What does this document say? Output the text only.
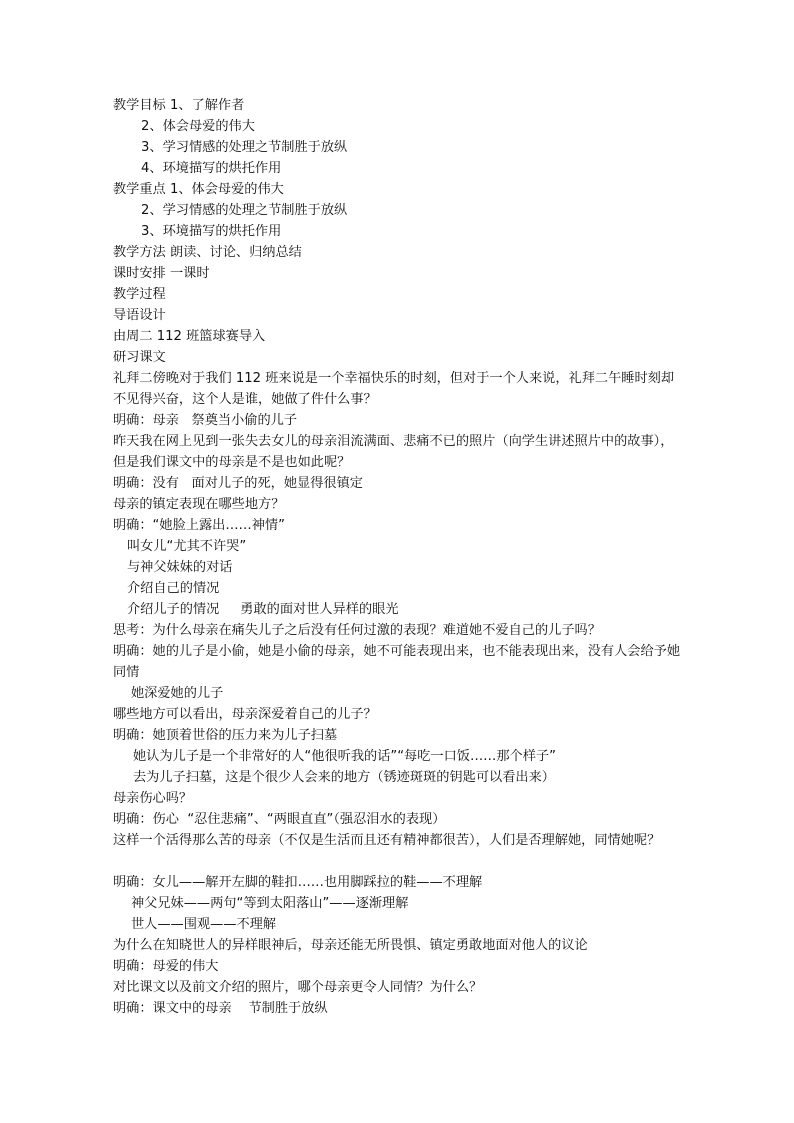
教学目标 1、了解作者
2、体会母爱的伟大
3、学习情感的处理之节制胜于放纵
4、环境描写的烘托作用
教学重点 1、体会母爱的伟大
2、学习情感的处理之节制胜于放纵
3、环境描写的烘托作用
教学方法 朗读、讨论、归纳总结
课时安排 一课时
教学过程
导语设计
由周二 112 班篮球赛导入
研习课文
礼拜二傍晚对于我们 112 班来说是一个幸福快乐的时刻，但对于一个人来说，礼拜二午睡时刻却不见得兴奋，这个人是谁，她做了件什么事？
明确：母亲   祭奠当小偷的儿子
昨天我在网上见到一张失去女儿的母亲泪流满面、悲痛不已的照片（向学生讲述照片中的故事），但是我们课文中的母亲是不是也如此呢？
明确：没有   面对儿子的死，她显得很镇定
母亲的镇定表现在哪些地方？
明确：“她脸上露出……神情”
叫女儿“尤其不许哭”
与神父妹妹的对话
介绍自己的情况
介绍儿子的情况     勇敢的面对世人异样的眼光
思考：为什么母亲在痛失儿子之后没有任何过激的表现？难道她不爱自己的儿子吗？
明确：她的儿子是小偷，她是小偷的母亲，她不可能表现出来，也不能表现出来，没有人会给予她同情
她深爱她的儿子
哪些地方可以看出，母亲深爱着自己的儿子？
明确：她顶着世俗的压力来为儿子扫墓
她认为儿子是一个非常好的人“他很听我的话”“每吃一口饭……那个样子”
去为儿子扫墓，这是个很少人会来的地方（锈迹斑斑的钥匙可以看出来）
母亲伤心吗？
明确：伤心  “忍住悲痛”、“两眼直直”（强忍泪水的表现）
这样一个活得那么苦的母亲（不仅是生活而且还有精神都很苦），人们是否理解她，同情她呢？
明确：女儿——解开左脚的鞋扣……也用脚踩拉的鞋——不理解
神父兄妹——两句“等到太阳落山”——逐渐理解
世人——围观——不理解
为什么在知晓世人的异样眼神后，母亲还能无所畏惧、镇定勇敢地面对他人的议论
明确：母爱的伟大
对比课文以及前文介绍的照片，哪个母亲更令人同情？为什么？
明确：课文中的母亲    节制胜于放纵
